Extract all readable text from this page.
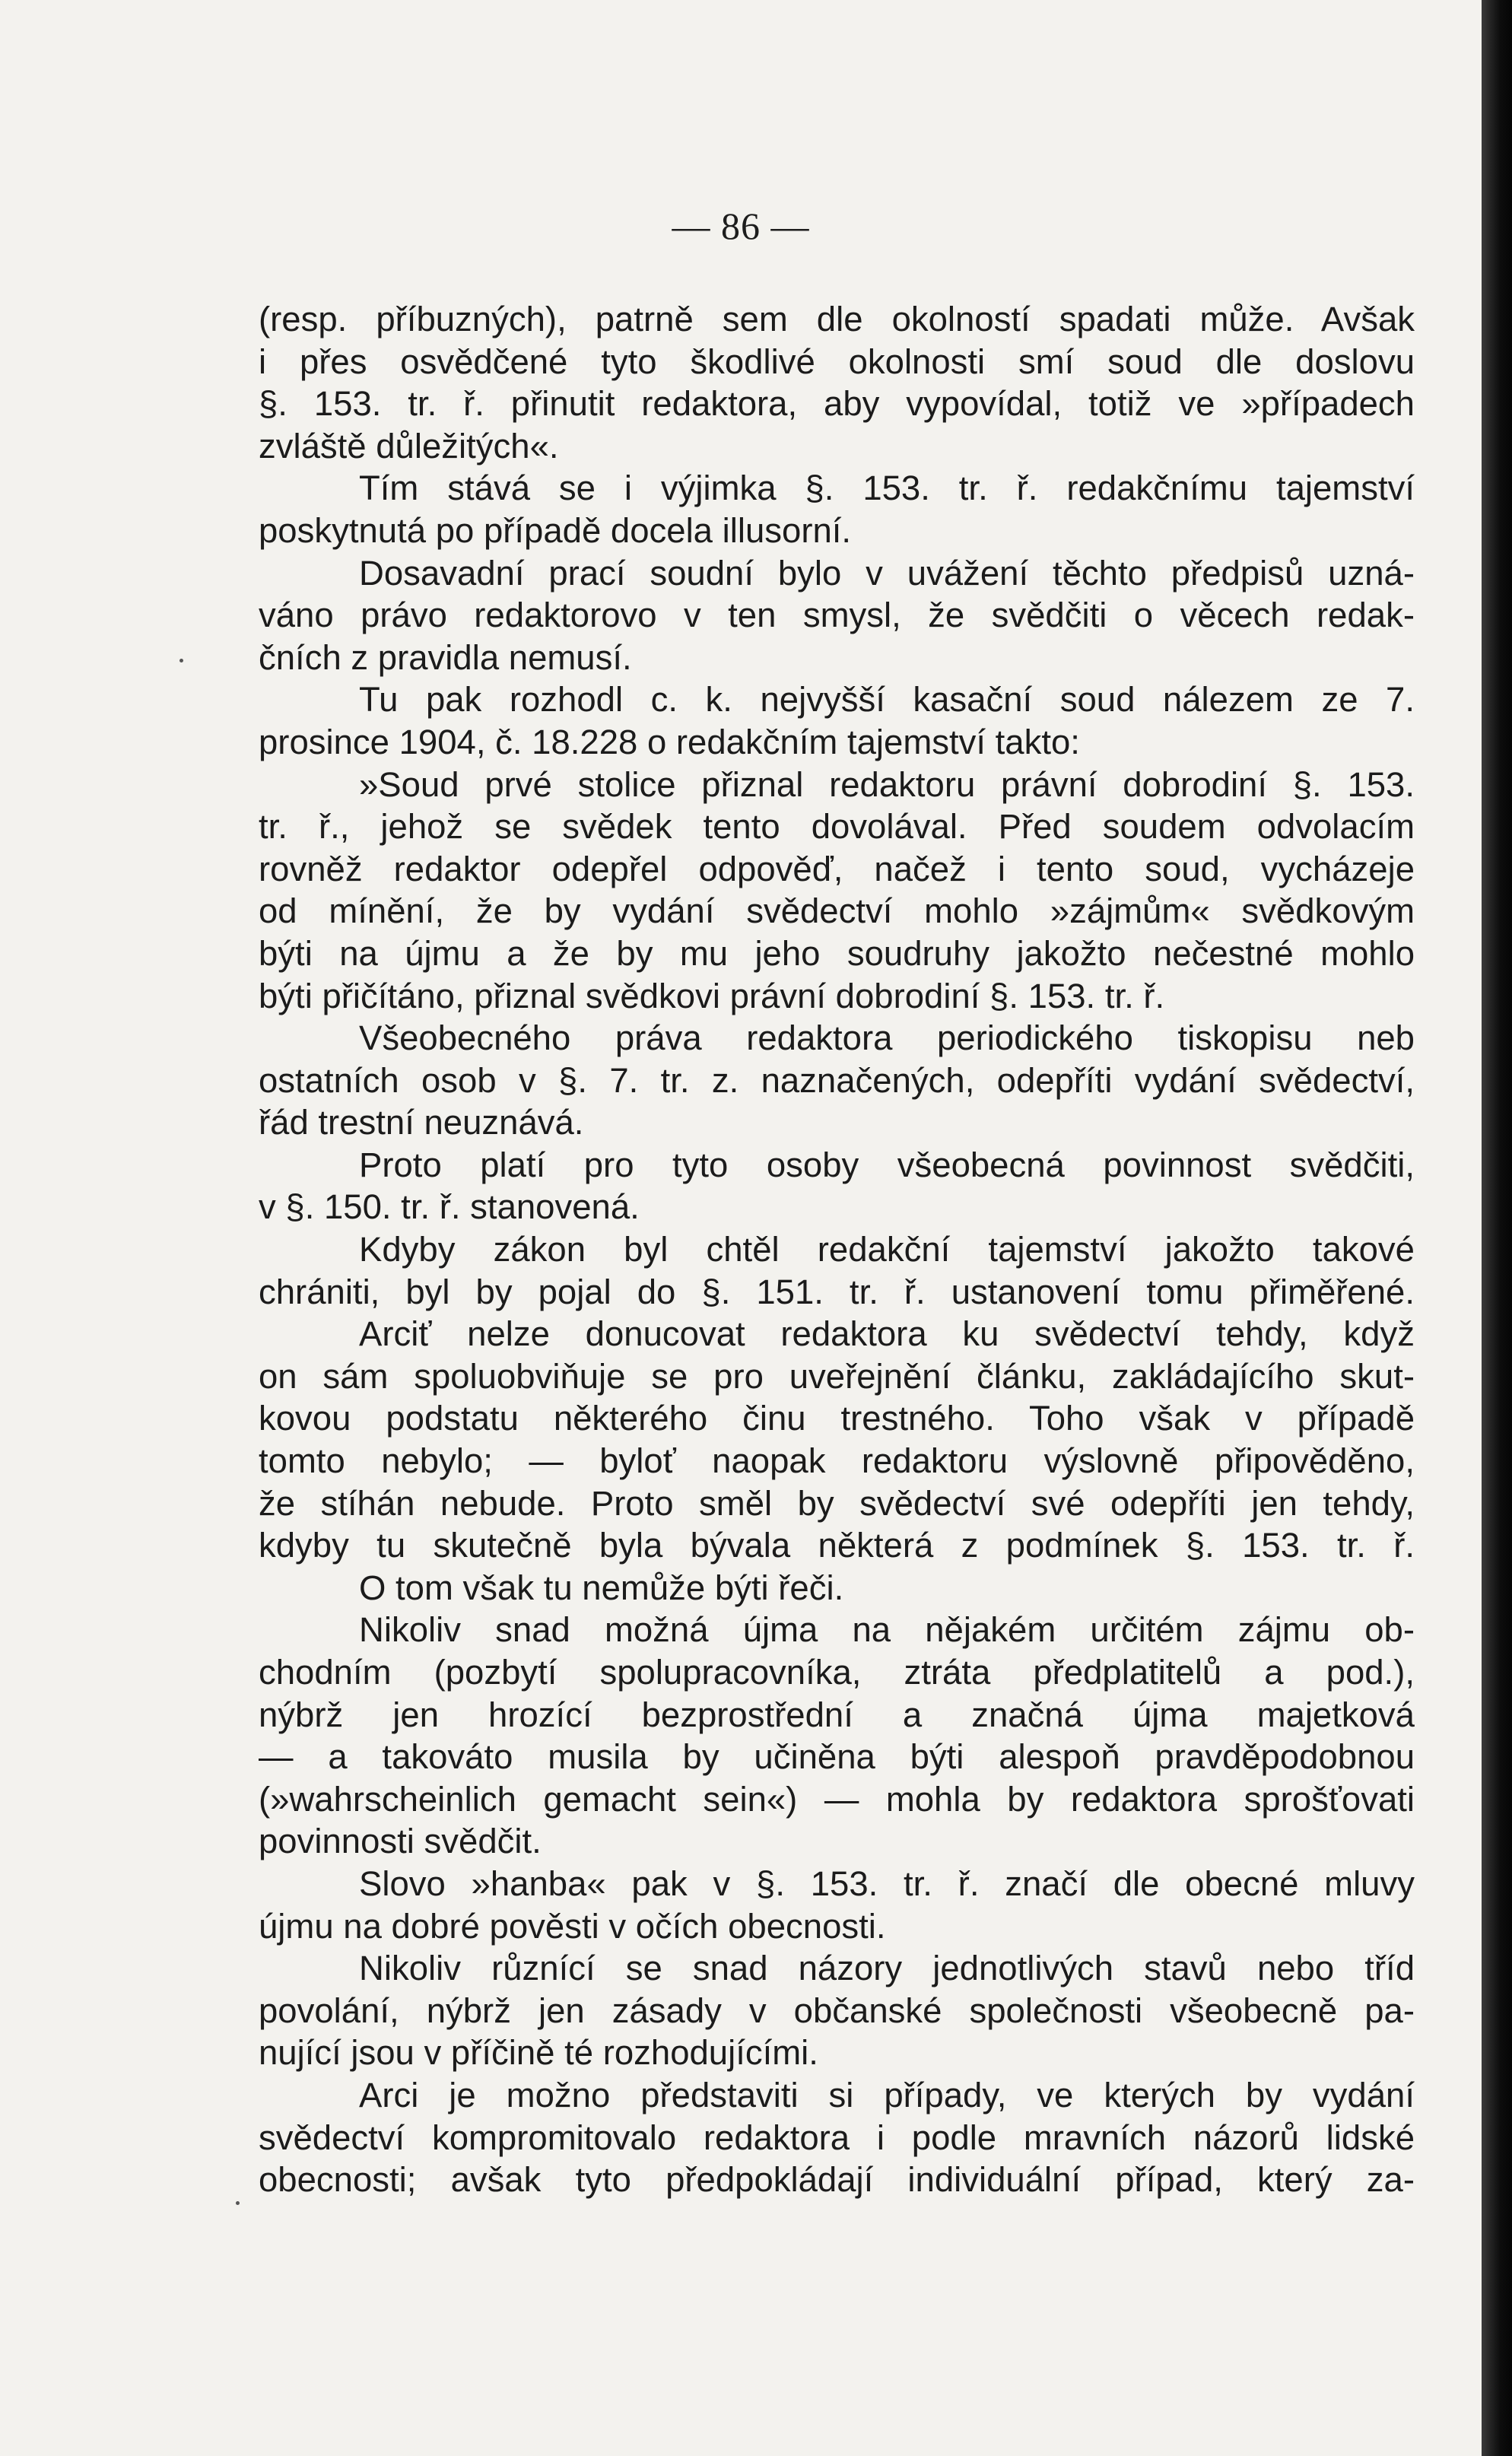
— 86 —
(resp. příbuzných), patrně sem dle okolností spadati může. Avšak
i přes osvědčené tyto škodlivé okolnosti smí soud dle doslovu
§. 153. tr. ř. přinutit redaktora, aby vypovídal, totiž ve »případech
zvláště důležitých«.
Tím stává se i výjimka §. 153. tr. ř. redakčnímu tajemství
poskytnutá po případě docela illusorní.
Dosavadní prací soudní bylo v uvážení těchto předpisů uzná-
váno právo redaktorovo v ten smysl, že svědčiti o věcech redak-
čních z pravidla nemusí.
Tu pak rozhodl c. k. nejvyšší kasační soud nálezem ze 7.
prosince 1904, č. 18.228 o redakčním tajemství takto:
»Soud prvé stolice přiznal redaktoru právní dobrodiní §. 153.
tr. ř., jehož se svědek tento dovolával. Před soudem odvolacím
rovněž redaktor odepřel odpověď, načež i tento soud, vycházeje
od mínění, že by vydání svědectví mohlo »zájmům« svědkovým
býti na újmu a že by mu jeho soudruhy jakožto nečestné mohlo
býti přičítáno, přiznal svědkovi právní dobrodiní §. 153. tr. ř.
Všeobecného práva redaktora periodického tiskopisu neb
ostatních osob v §. 7. tr. z. naznačených, odepříti vydání svědectví,
řád trestní neuznává.
Proto platí pro tyto osoby všeobecná povinnost svědčiti,
v §. 150. tr. ř. stanovená.
Kdyby zákon byl chtěl redakční tajemství jakožto takové
chrániti, byl by pojal do §. 151. tr. ř. ustanovení tomu přiměřené.
Arciť nelze donucovat redaktora ku svědectví tehdy, když
on sám spoluobviňuje se pro uveřejnění článku, zakládajícího skut-
kovou podstatu některého činu trestného. Toho však v případě
tomto nebylo; — byloť naopak redaktoru výslovně připověděno,
že stíhán nebude. Proto směl by svědectví své odepříti jen tehdy,
kdyby tu skutečně byla bývala některá z podmínek §. 153. tr. ř.
O tom však tu nemůže býti řeči.
Nikoliv snad možná újma na nějakém určitém zájmu ob-
chodním (pozbytí spolupracovníka, ztráta předplatitelů a pod.),
nýbrž jen hrozící bezprostřední a značná újma majetková
— a takováto musila by učiněna býti alespoň pravděpodobnou
(»wahrscheinlich gemacht sein«) — mohla by redaktora sprošťovati
povinnosti svědčit.
Slovo »hanba« pak v §. 153. tr. ř. značí dle obecné mluvy
újmu na dobré pověsti v očích obecnosti.
Nikoliv různící se snad názory jednotlivých stavů nebo tříd
povolání, nýbrž jen zásady v občanské společnosti všeobecně pa-
nující jsou v příčině té rozhodujícími.
Arci je možno představiti si případy, ve kterých by vydání
svědectví kompromitovalo redaktora i podle mravních názorů lidské
obecnosti; avšak tyto předpokládají individuální případ, který za-
